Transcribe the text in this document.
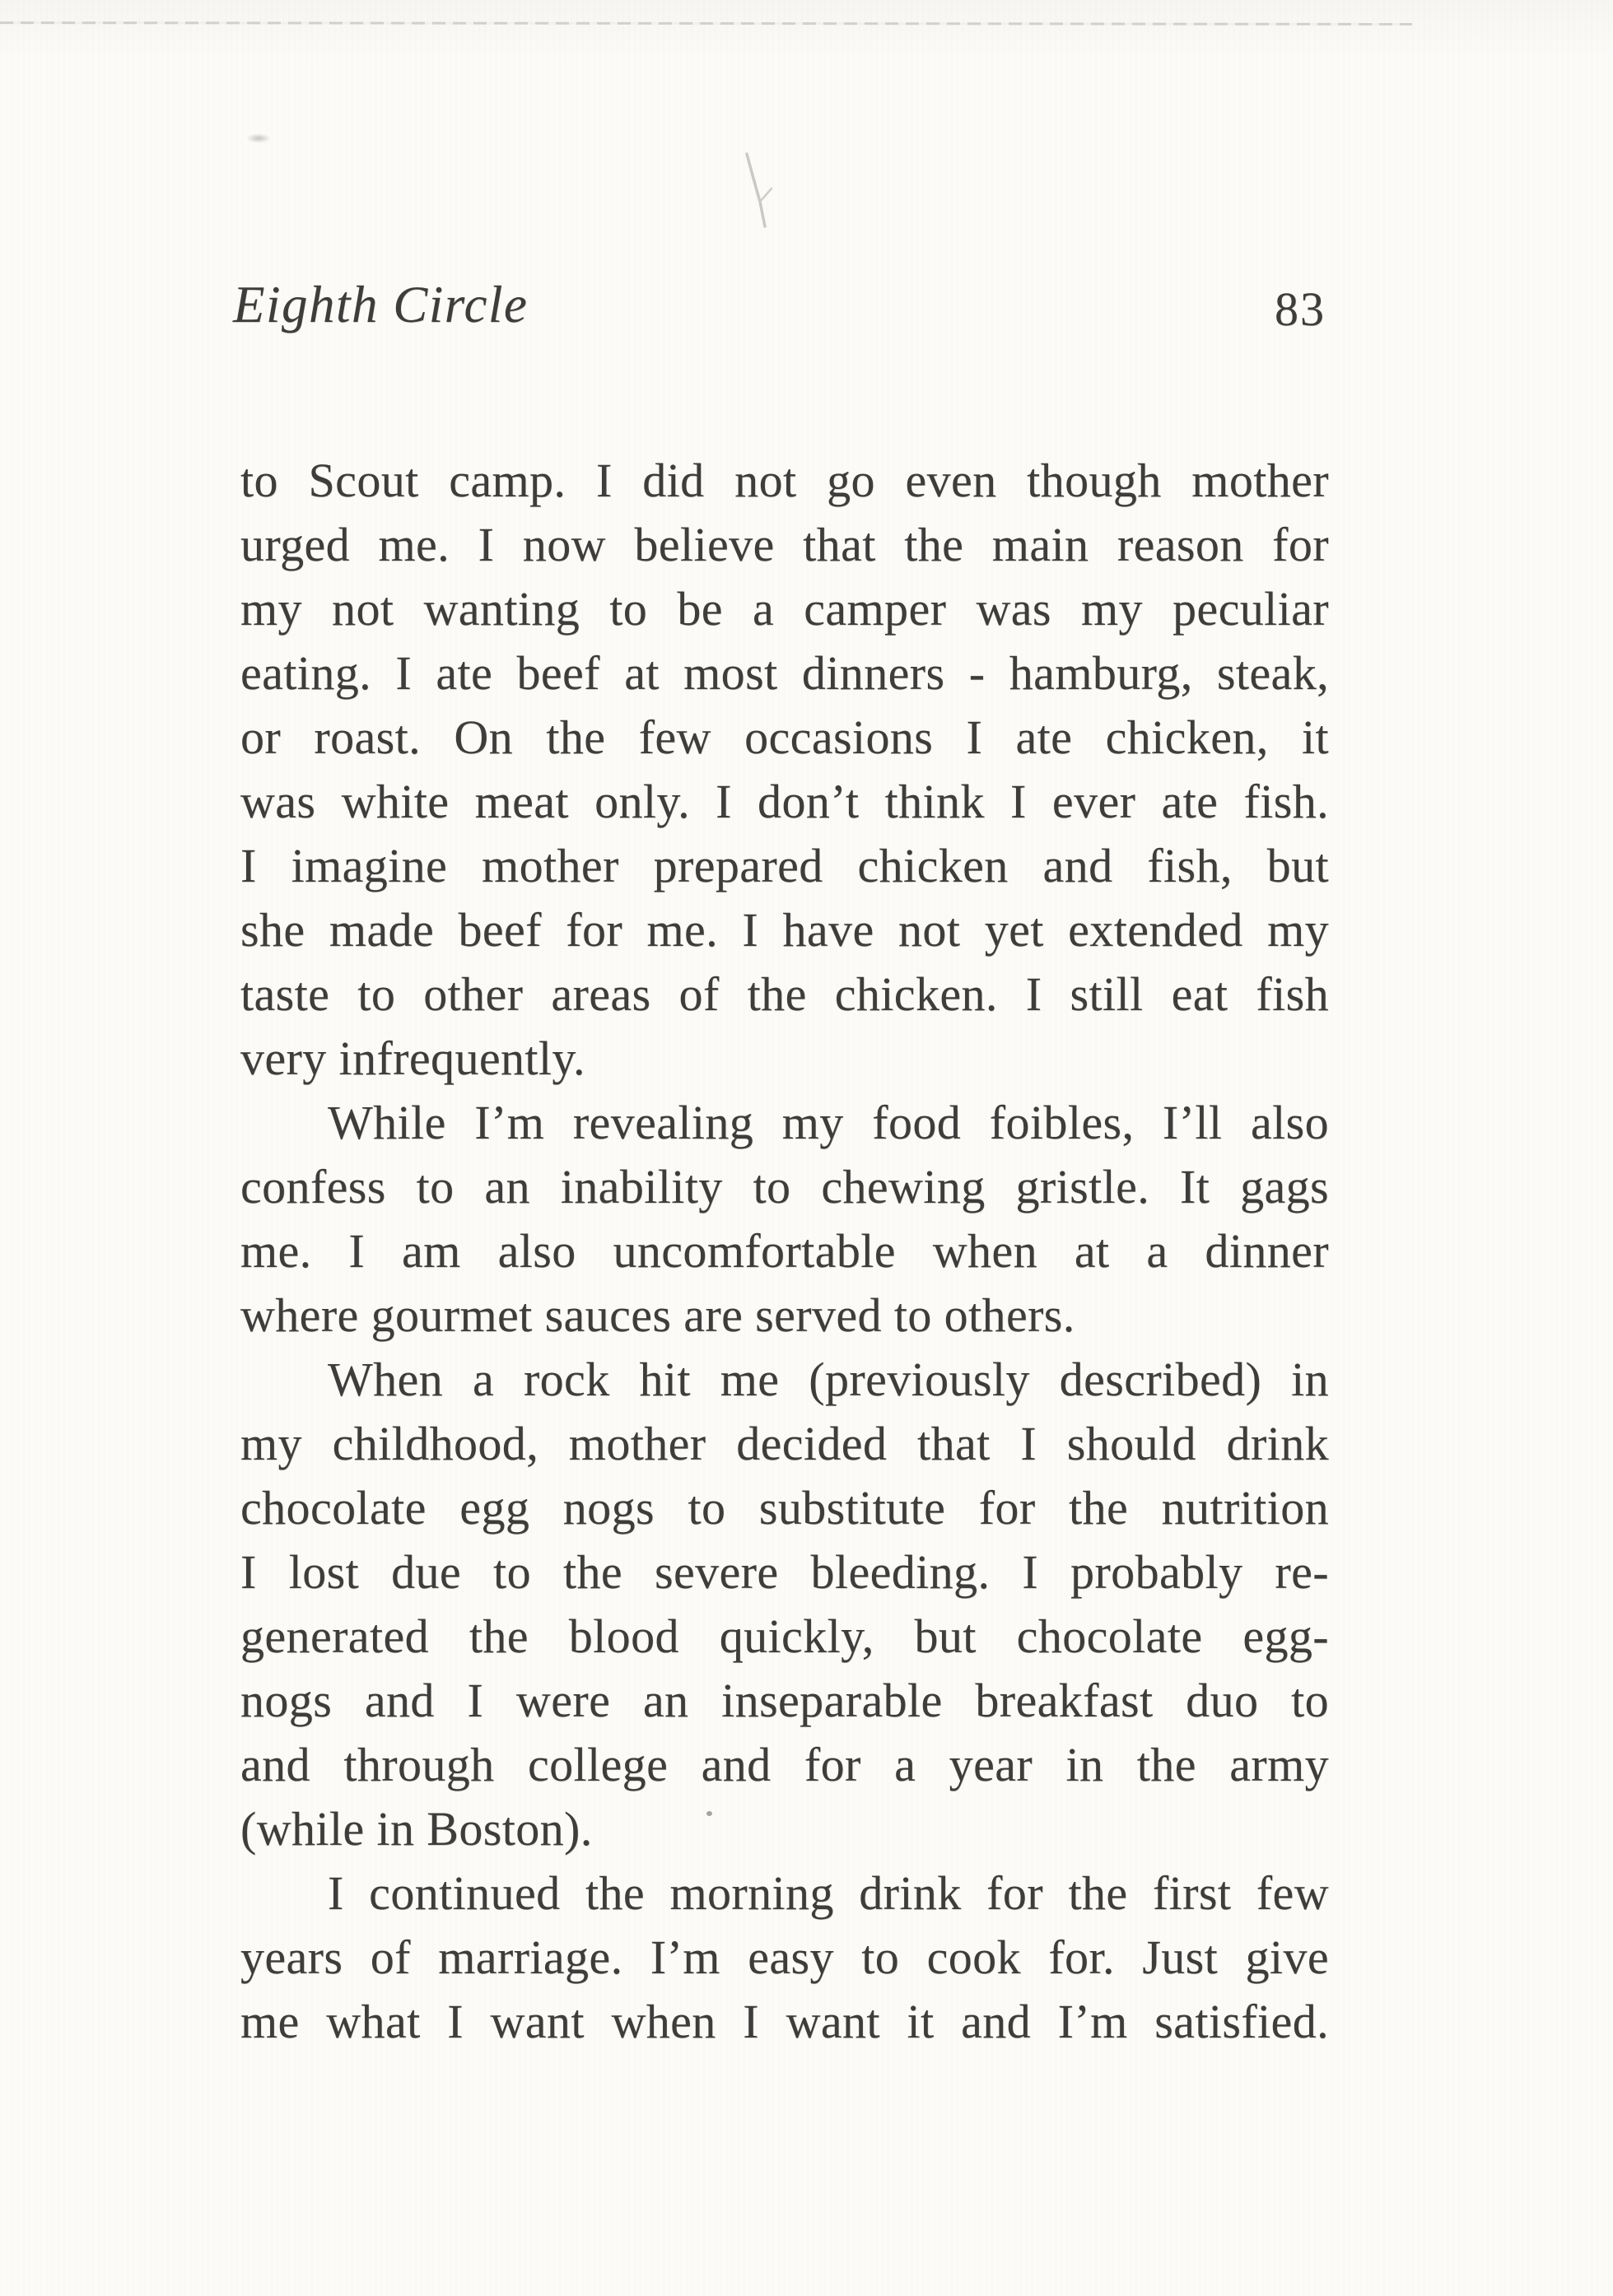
Eighth Circle	83
to Scout camp. I did not go even though mother
urged me. I now believe that the main reason for
my not wanting to be a camper was my peculiar
eating. I ate beef at most dinners - hamburg, steak,
or roast. On the few occasions I ate chicken, it
was white meat only. I don’t think I ever ate fish.
I imagine mother prepared chicken and fish, but
she made beef for me. I have not yet extended my
taste to other areas of the chicken. I still eat fish
very infrequently.
While I’m revealing my food foibles, I’ll also
confess to an inability to chewing gristle. It gags
me. I am also uncomfortable when at a dinner
where gourmet sauces are served to others.
When a rock hit me (previously described) in
my childhood, mother decided that I should drink
chocolate egg nogs to substitute for the nutrition
I lost due to the severe bleeding. I probably re-
generated the blood quickly, but chocolate egg-
nogs and I were an inseparable breakfast duo to
and through college and for a year in the army
(while in Boston).
I continued the morning drink for the first few
years of marriage. I’m easy to cook for. Just give
me what I want when I want it and I’m satisfied.
